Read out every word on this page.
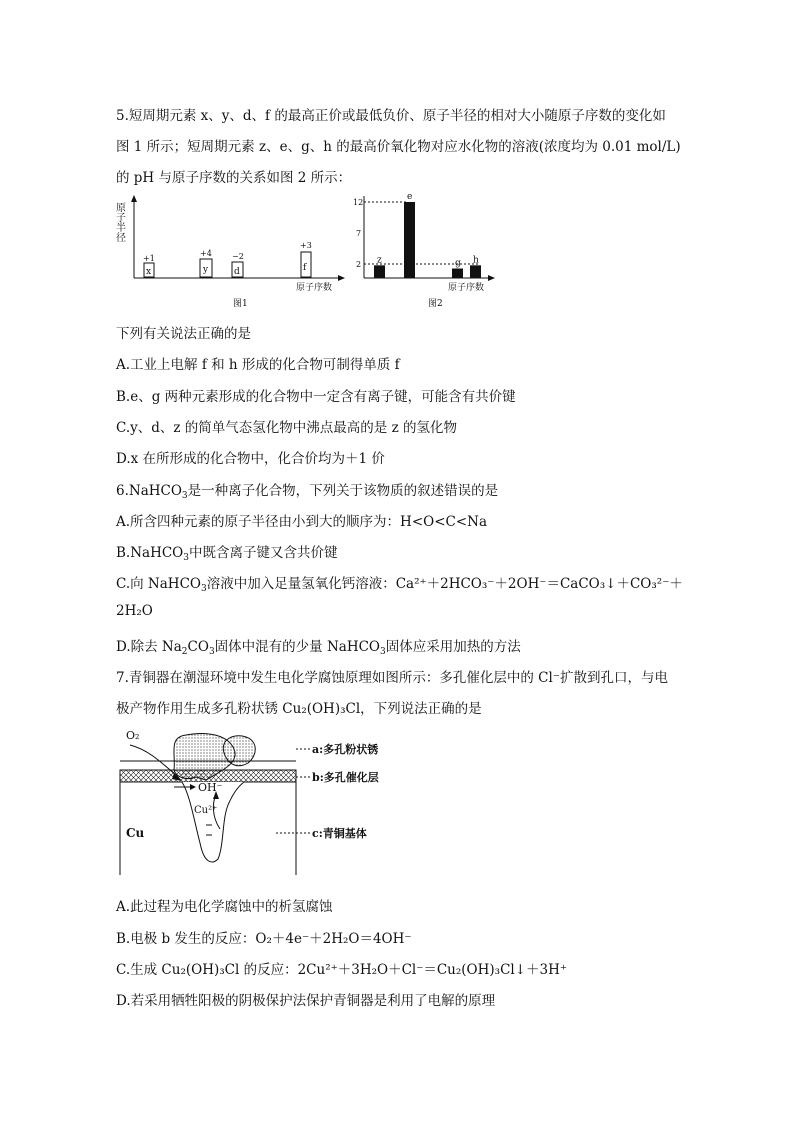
5.短周期元素 x、y、d、f 的最高正价或最低负价、原子半径的相对大小随原子序数的变化如
图 1 所示；短周期元素 z、e、g、h 的最高价氧化物对应水化物的溶液(浓度均为 0.01 mol/L)
的 pH 与原子序数的关系如图 2 所示：
原子半径
x
+1
y
+4
d
−2
f
+3
原子序数
图1
12
7
2 z
e
g h
原子序数
图2
下列有关说法正确的是
A.工业上电解 f 和 h 形成的化合物可制得单质 f
B.e、g 两种元素形成的化合物中一定含有离子键，可能含有共价键
C.y、d、z 的简单气态氢化物中沸点最高的是 z 的氢化物
D.x 在所形成的化合物中，化合价均为＋1 价
6.NaHCO$_3$是一种离子化合物，下列关于该物质的叙述错误的是
A.所含四种元素的原子半径由小到大的顺序为：H<O<C<Na
B.NaHCO$_3$中既含离子键又含共价键
C.向 NaHCO$_3$溶液中加入足量氢氧化钙溶液：Ca²⁺＋2HCO₃⁻＋2OH⁻＝CaCO₃↓＋CO₃²⁻＋
2H₂O
D.除去 $Na_2CO_3$固体中混有的少量 NaHCO$_3$固体应采用加热的方法
7.青铜器在潮湿环境中发生电化学腐蚀原理如图所示：多孔催化层中的 Cl⁻扩散到孔口，与电
极产物作用生成多孔粉状锈 Cu₂(OH)₃Cl，下列说法正确的是
O₂
OH⁻
Cu²⁺
Cu
a:多孔粉状锈
b:多孔催化层
c:青铜基体
A.此过程为电化学腐蚀中的析氢腐蚀
B.电极 b 发生的反应：O₂＋4e⁻＋2H₂O＝4OH⁻
C.生成 Cu₂(OH)₃Cl 的反应：2Cu²⁺＋3H₂O＋Cl⁻＝Cu₂(OH)₃Cl↓＋3H⁺
D.若采用牺牲阳极的阴极保护法保护青铜器是利用了电解的原理
